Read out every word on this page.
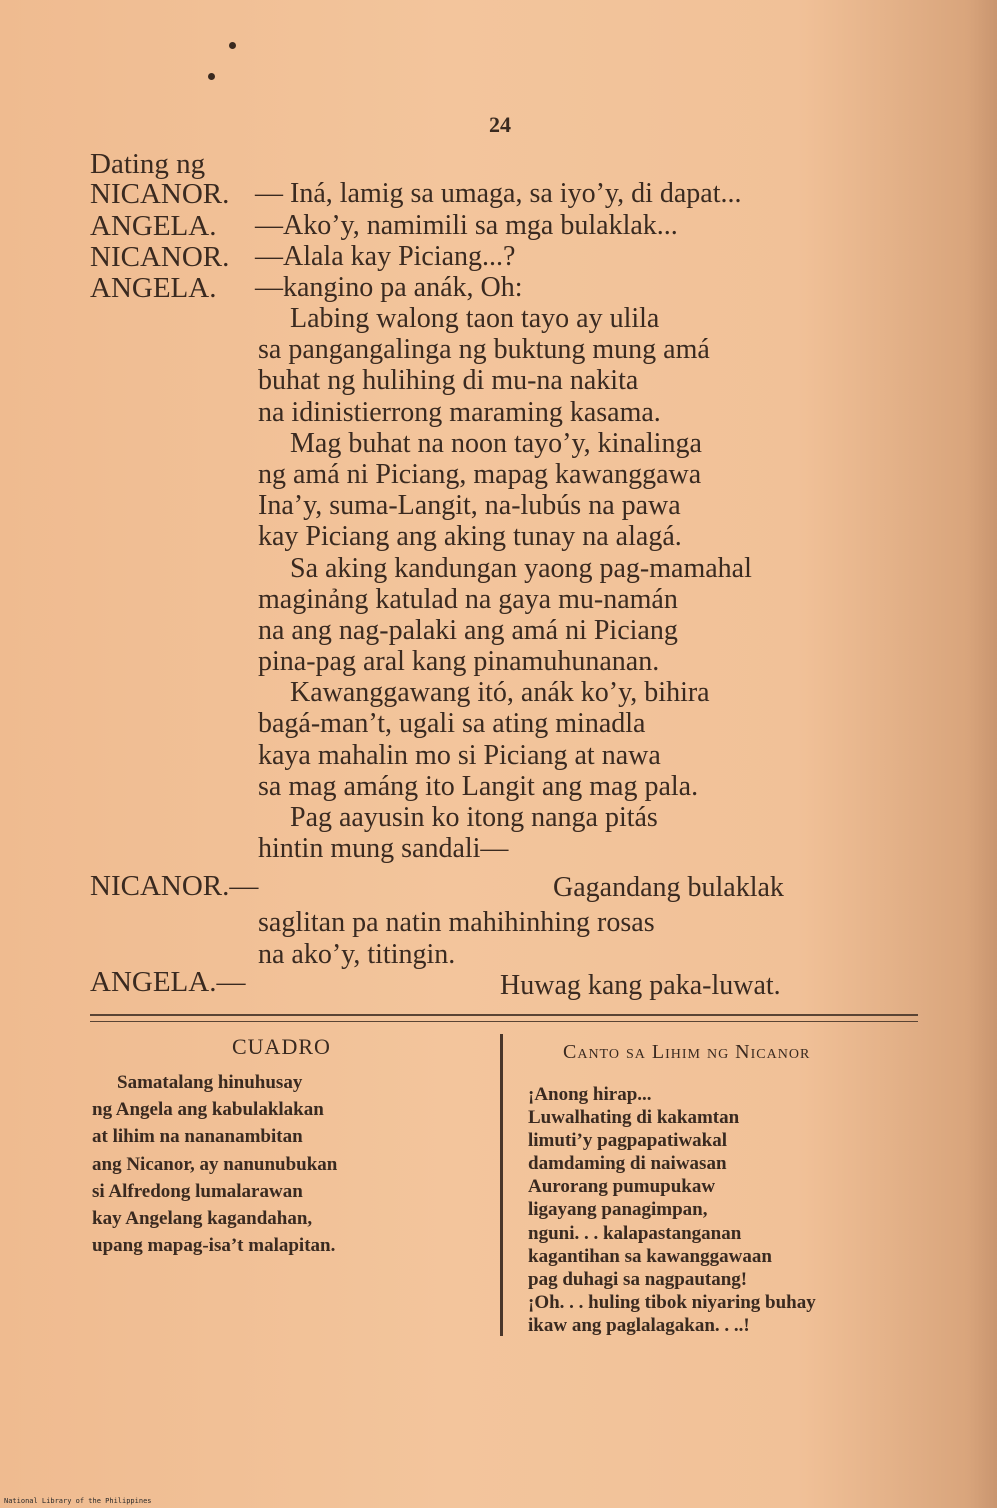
24
Dating ng
NICANOR. — Iná, lamig sa umaga, sa iyo’y, di dapat...
ANGELA. —Ako’y, namimili sa mga bulaklak...
NICANOR. —Alala kay Piciang...?
ANGELA. —kangino pa anák, Oh:
Labing walong taon tayo ay ulila
sa pangangalinga ng buktung mung amá
buhat ng hulihing di mu-na nakita
na idinistierrong maraming kasama.
Mag buhat na noon tayo’y, kinalinga
ng amá ni Piciang, mapag kawanggawa
Ina’y, suma-Langit, na-lubús na pawa
kay Piciang ang aking tunay na alagá.
Sa aking kandungan yaong pag-mamahal
maginảng katulad na gaya mu-namán
na ang nag-palaki ang amá ni Piciang
pina-pag aral kang pinamuhunanan.
Kawanggawang itó, anák ko’y, bihira
bagá-man’t, ugali sa ating minadla
kaya mahalin mo si Piciang at nawa
sa mag amáng ito Langit ang mag pala.
Pag aayusin ko itong nanga pitás
hintin mung sandali—
NICANOR.—	Gagandang bulaklak
saglitan pa natin mahihinhing rosas
na ako’y, titingin.
ANGELA.—	Huwag kang paka-luwat.
CUADRO
Samatalang hinuhusay
ng Angela ang kabulaklakan
at lihim na nananambitan
ang Nicanor, ay nanunubukan
si Alfredong lumalarawan
kay Angelang kagandahan,
upang mapag-isa’t malapitan.
Canto sa Lihim ng Nicanor
¡Anong hirap...
Luwalhating di kakamtan
limuti’y pagpapatiwakal
damdaming di naiwasan
Aurorang pumupukaw
ligayang panagimpan,
nguni. . . kalapastanganan
kagantihan sa kawanggawaan
pag duhagi sa nagpautang!
¡Oh. . . huling tibok niyaring buhay
ikaw ang paglalagakan. . ..!
National Library of the Philippines
